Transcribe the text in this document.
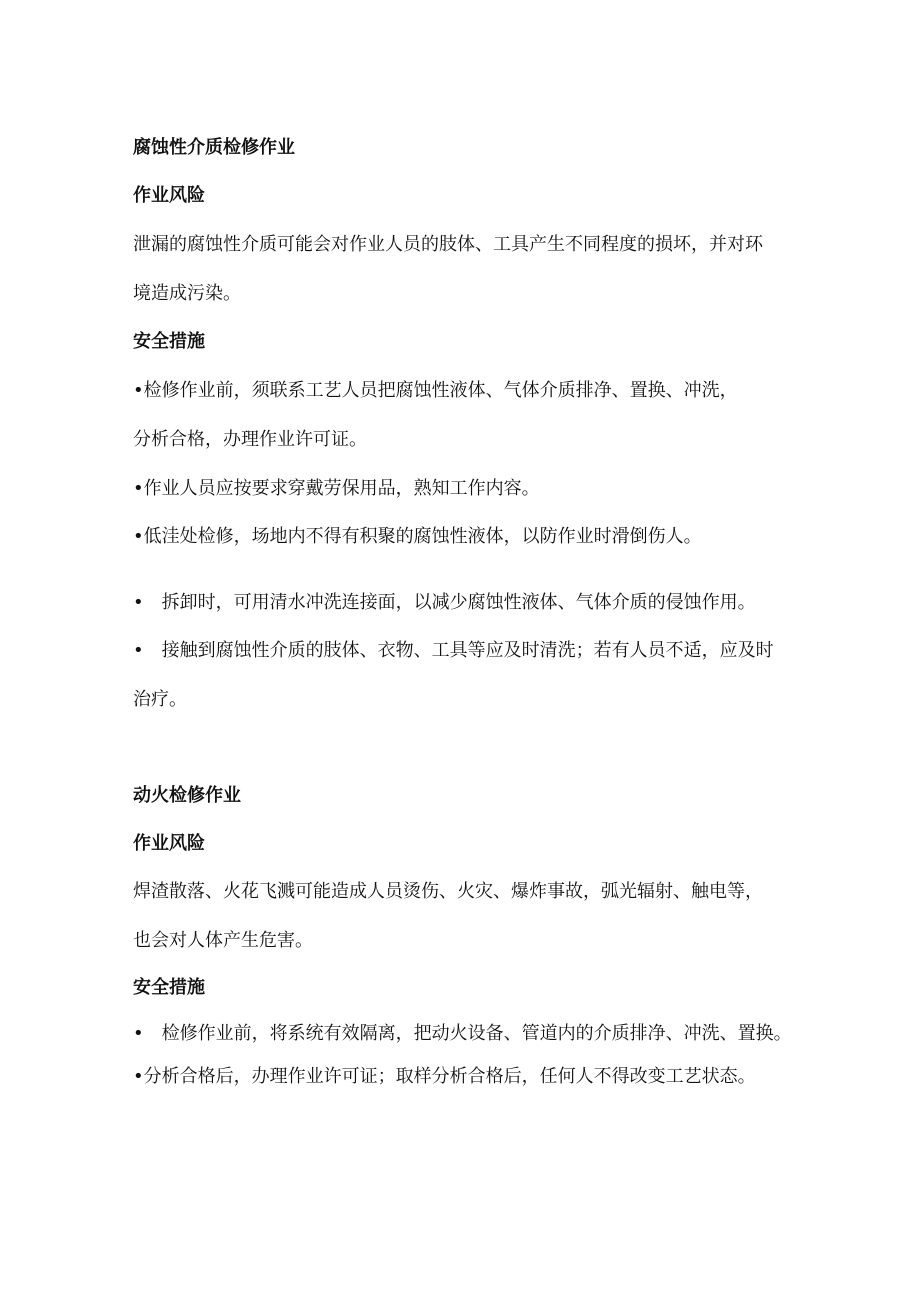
腐蚀性介质检修作业
作业风险
泄漏的腐蚀性介质可能会对作业人员的肢体、工具产生不同程度的损坏，并对环
境造成污染。
安全措施
•检修作业前，须联系工艺人员把腐蚀性液体、气体介质排净、置换、冲洗，
分析合格，办理作业许可证。
•作业人员应按要求穿戴劳保用品，熟知工作内容。
•低洼处检修，场地内不得有积聚的腐蚀性液体，以防作业时滑倒伤人。
• 拆卸时，可用清水冲洗连接面，以减少腐蚀性液体、气体介质的侵蚀作用。
• 接触到腐蚀性介质的肢体、衣物、工具等应及时清洗；若有人员不适，应及时
治疗。
动火检修作业
作业风险
焊渣散落、火花飞溅可能造成人员烫伤、火灾、爆炸事故，弧光辐射、触电等，
也会对人体产生危害。
安全措施
• 检修作业前，将系统有效隔离，把动火设备、管道内的介质排净、冲洗、置换。
•分析合格后，办理作业许可证；取样分析合格后，任何人不得改变工艺状态。
